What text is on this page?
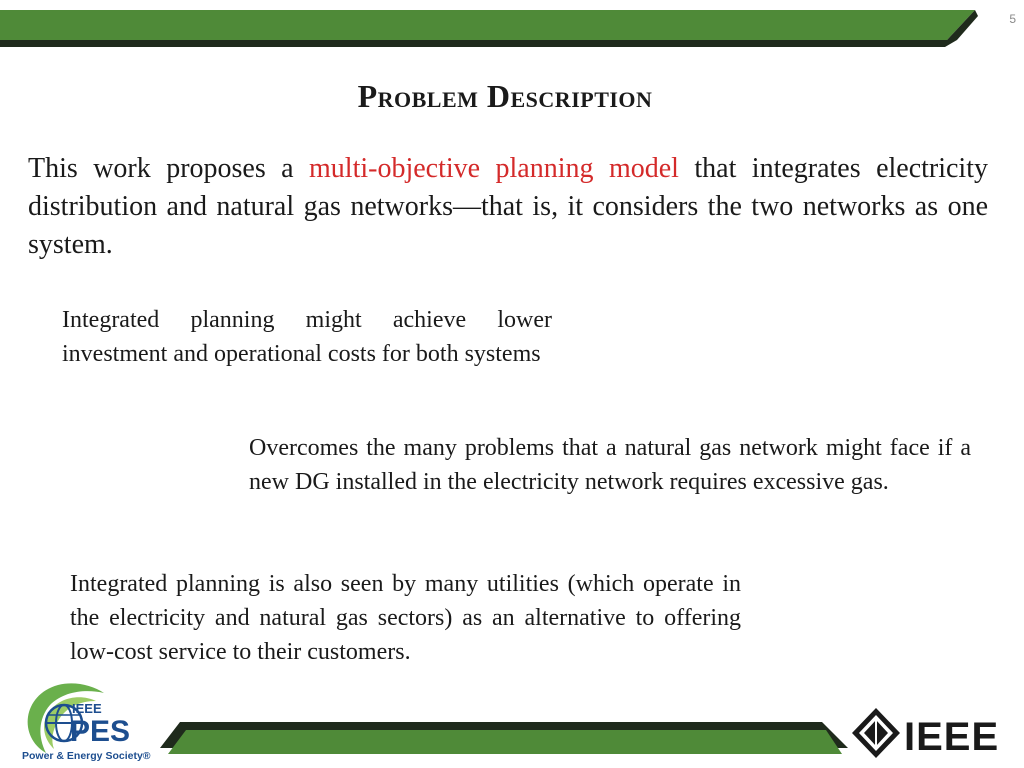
5
Problem Description
This work proposes a multi-objective planning model that integrates electricity distribution and natural gas networks—that is, it considers the two networks as one system.
Integrated planning might achieve lower investment and operational costs for both systems
Overcomes the many problems that a natural gas network might face if a new DG installed in the electricity network requires excessive gas.
Integrated planning is also seen by many utilities (which operate in the electricity and natural gas sectors) as an alternative to offering low-cost service to their customers.
IEEE
PES
Power & Energy Society®	IEEE
